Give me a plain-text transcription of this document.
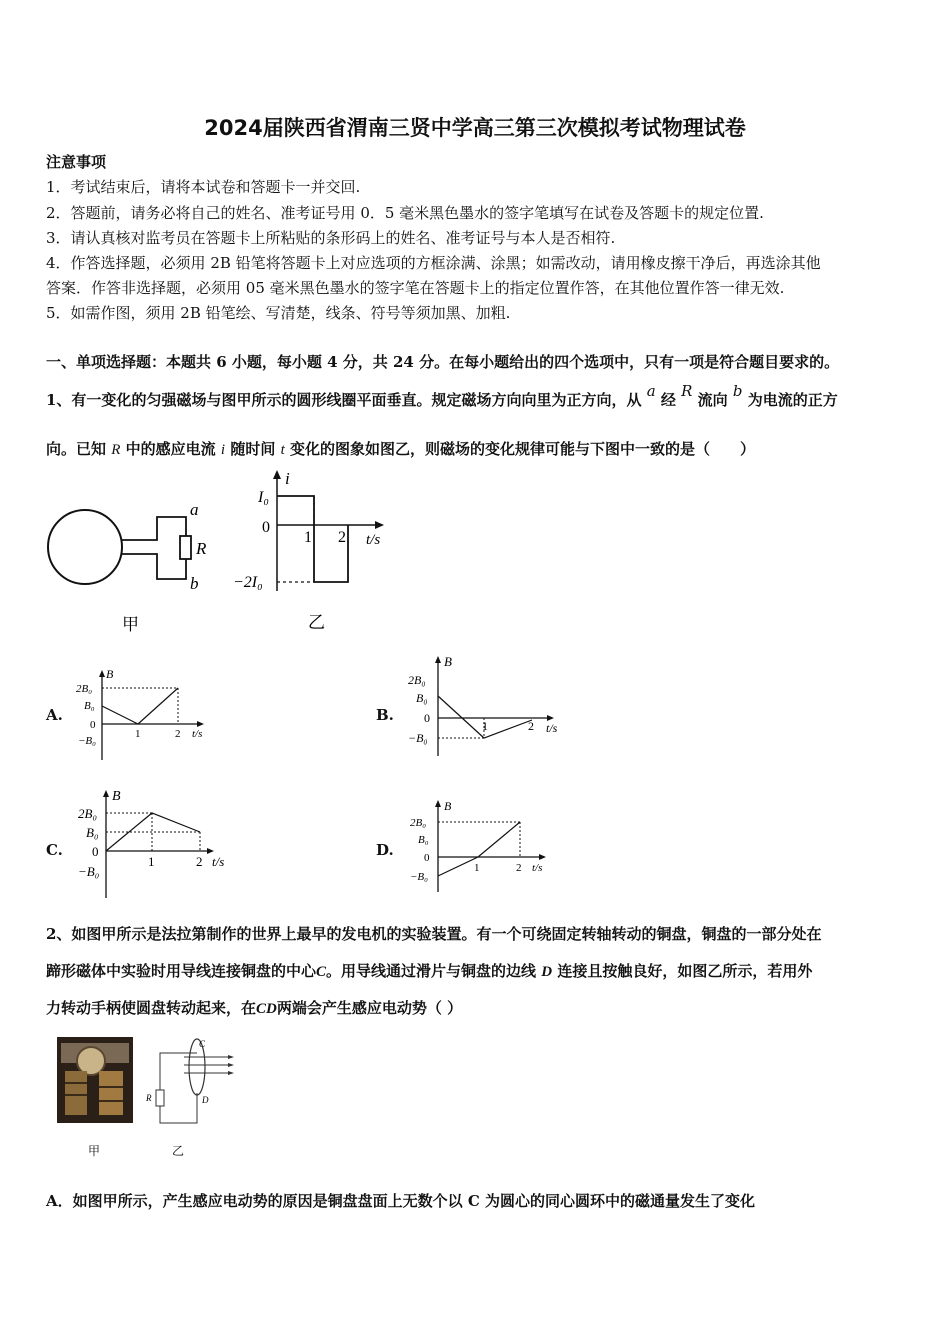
2024届陕西省渭南三贤中学高三第三次模拟考试物理试卷
注意事项
1．考试结束后，请将本试卷和答题卡一并交回.
2．答题前，请务必将自己的姓名、准考证号用 0．5 毫米黑色墨水的签字笔填写在试卷及答题卡的规定位置.
3．请认真核对监考员在答题卡上所粘贴的条形码上的姓名、准考证号与本人是否相符.
4．作答选择题，必须用 2B 铅笔将答题卡上对应选项的方框涂满、涂黑；如需改动，请用橡皮擦干净后，再选涂其他
答案．作答非选择题，必须用 05 毫米黑色墨水的签字笔在答题卡上的指定位置作答，在其他位置作答一律无效.
5．如需作图，须用 2B 铅笔绘、写清楚，线条、符号等须加黑、加粗.
一、单项选择题：本题共 6 小题，每小题 4 分，共 24 分。在每小题给出的四个选项中，只有一项是符合题目要求的。
1、有一变化的匀强磁场与图甲所示的圆形线圈平面垂直。规定磁场方向向里为正方向，从 a 经 R 流向 b 为电流的正方
向。已知 R 中的感应电流 i 随时间 t 变化的图象如图乙，则磁场的变化规律可能与下图中一致的是（　　）
a
R
b
甲
i
I₀
0
−2I₀
1 2 t/s
乙
A.
B
2B₀
B₀
0
−B₀
1	2 t/s
B.
B
2B₀
B₀
0
−B₀
1	2 t/s
C.
B
2B₀
B₀
0
−B₀
1	2 t/s
D.
B
2B₀
B₀
0
−B₀
1	2 t/s
2、如图甲所示是法拉第制作的世界上最早的发电机的实验装置。有一个可绕固定转轴转动的铜盘，铜盘的一部分处在
蹄形磁体中实验时用导线连接铜盘的中心C。用导线通过滑片与铜盘的边线 D 连接且按触良好，如图乙所示，若用外
力转动手柄使圆盘转动起来，在CD两端会产生感应电动势（ ）
甲
C
D
R
乙
A．如图甲所示，产生感应电动势的原因是铜盘盘面上无数个以 C 为圆心的同心圆环中的磁通量发生了变化
